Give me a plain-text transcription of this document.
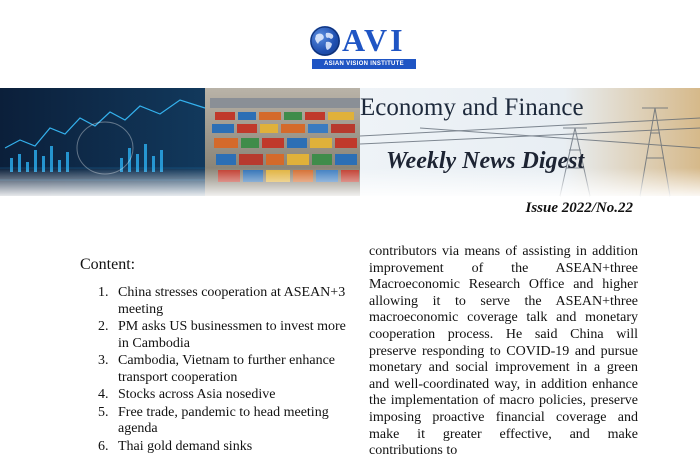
AVI
ASIAN VISION INSTITUTE
Economy and Finance
Weekly News Digest
Issue 2022/No.22
Content:
1. China stresses cooperation at ASEAN+3 meeting
2. PM asks US businessmen to invest more in Cambodia
3. Cambodia, Vietnam to further enhance transport cooperation
4. Stocks across Asia nosedive
5. Free trade, pandemic to head meeting agenda
6. Thai gold demand sinks

contributors via means of assisting in addition improvement of the ASEAN+three Macroeconomic Research Office and higher allowing it to serve the ASEAN+three macroeconomic coverage talk and monetary cooperation process. He said China will preserve responding to COVID-19 and pursue monetary and social improvement in a green and well-coordinated way, in addition enhance the implementation of macro policies, preserve imposing proactive financial coverage and make it greater effective, and make contributions to
